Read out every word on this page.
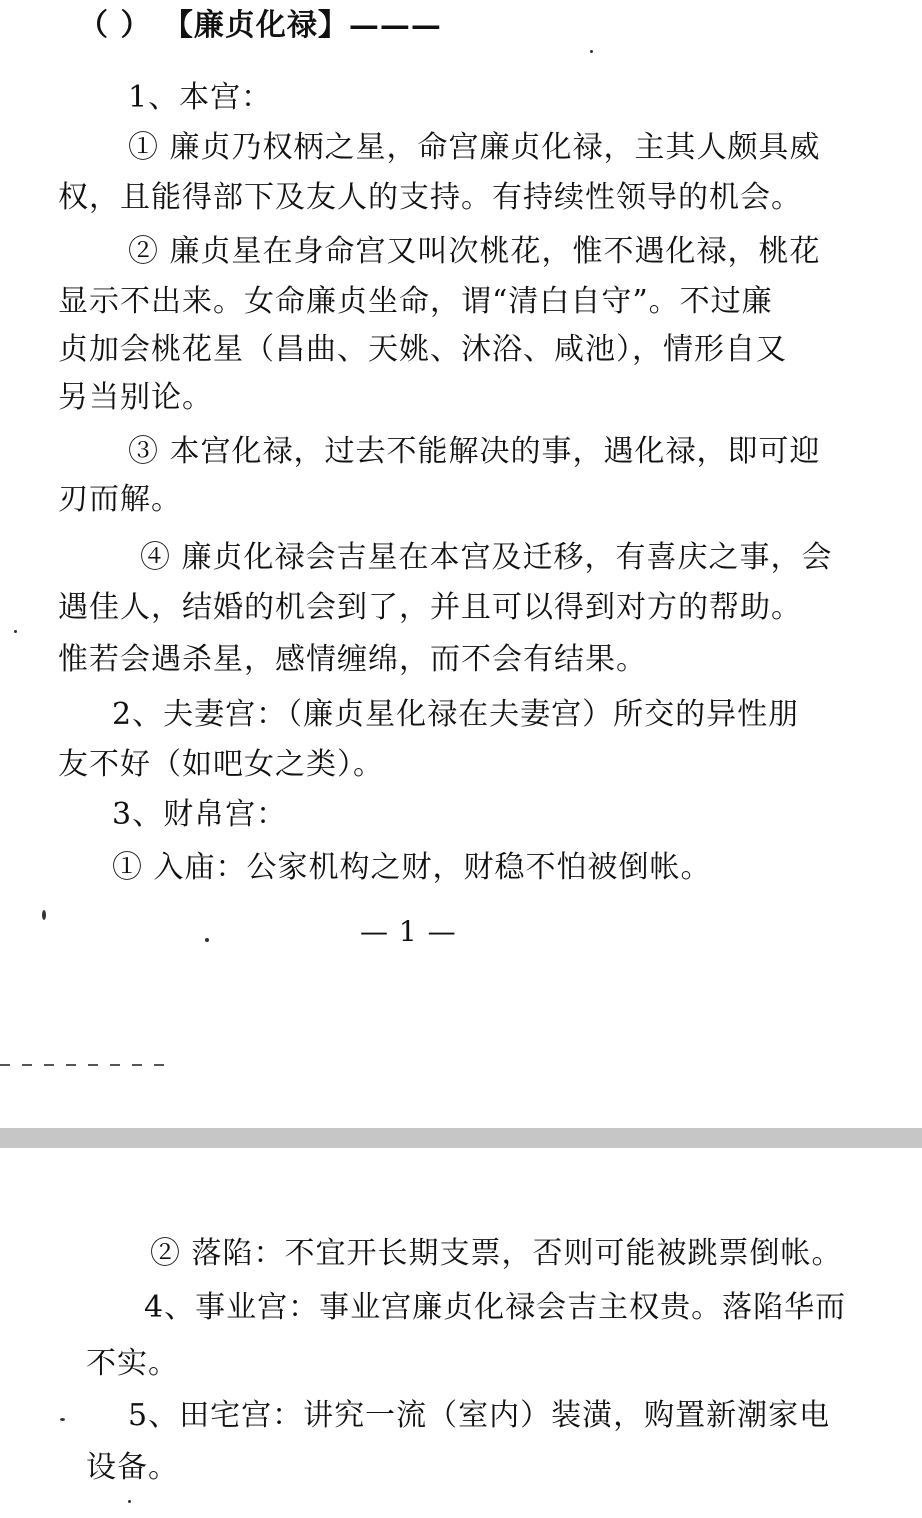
（ ） 【廉贞化禄】———
1、本宫：
① 廉贞乃权柄之星，命宫廉贞化禄，主其人颇具威
权，且能得部下及友人的支持。有持续性领导的机会。
② 廉贞星在身命宫又叫次桃花，惟不遇化禄，桃花
显示不出来。女命廉贞坐命，谓“清白自守”。不过廉
贞加会桃花星（昌曲、天姚、沐浴、咸池），情形自又
另当别论。
③ 本宫化禄，过去不能解决的事，遇化禄，即可迎
刃而解。
④ 廉贞化禄会吉星在本宫及迁移，有喜庆之事，会
遇佳人，结婚的机会到了，并且可以得到对方的帮助。
惟若会遇杀星，感情缠绵，而不会有结果。
2、夫妻宫：（廉贞星化禄在夫妻宫）所交的异性朋
友不好（如吧女之类）。
3、财帛宫：
① 入庙：公家机构之财，财稳不怕被倒帐。
— 1 —
② 落陷：不宜开长期支票，否则可能被跳票倒帐。
4、事业宫：事业宫廉贞化禄会吉主权贵。落陷华而
不实。
5、田宅宫：讲究一流（室内）装潢，购置新潮家电
设备。
